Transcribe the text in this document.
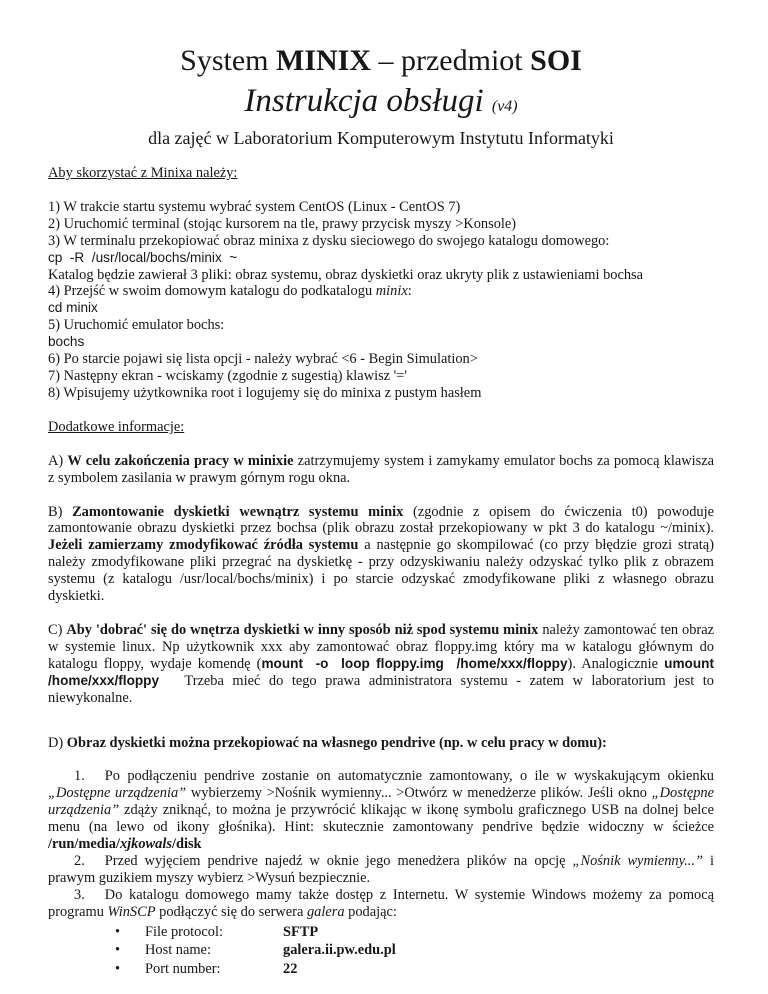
System MINIX – przedmiot SOI
Instrukcja obsługi (v4)
dla zajęć w Laboratorium Komputerowym Instytutu Informatyki
Aby skorzystać z Minixa należy:
1) W trakcie startu systemu wybrać system CentOS (Linux - CentOS 7)
2) Uruchomić terminal (stojąc kursorem na tle, prawy przycisk myszy >Konsole)
3) W terminalu przekopiować obraz minixa z dysku sieciowego do swojego katalogu domowego:
cp  -R  /usr/local/bochs/minix  ~
Katalog będzie zawierał 3 pliki: obraz systemu, obraz dyskietki oraz ukryty plik z ustawieniami bochsa
4) Przejść w swoim domowym katalogu do podkatalogu minix:
cd minix
5) Uruchomić emulator bochs:
bochs
6) Po starcie pojawi się lista opcji - należy wybrać <6 - Begin Simulation>
7) Następny ekran - wciskamy (zgodnie z sugestią) klawisz '='
8) Wpisujemy użytkownika root i logujemy się do minixa z pustym hasłem
Dodatkowe informacje:
A) W celu zakończenia pracy w minixie zatrzymujemy system i zamykamy emulator bochs za pomocą klawisza z symbolem zasilania w prawym górnym rogu okna.
B) Zamontowanie dyskietki wewnątrz systemu minix (zgodnie z opisem do ćwiczenia t0) powoduje zamontowanie obrazu dyskietki przez bochsa (plik obrazu został przekopiowany w pkt 3 do katalogu ~/minix). Jeżeli zamierzamy zmodyfikować źródła systemu a następnie go skompilować (co przy błędzie grozi stratą) należy zmodyfikowane pliki przegrać na dyskietkę - przy odzyskiwaniu należy odzyskać tylko plik z obrazem systemu (z katalogu /usr/local/bochs/minix) i po starcie odzyskać zmodyfikowane pliki z własnego obrazu dyskietki.
C) Aby 'dobrać' się do wnętrza dyskietki w inny sposób niż spod systemu minix należy zamontować ten obraz w systemie linux. Np użytkownik xxx aby zamontować obraz floppy.img który ma w katalogu głównym do katalogu floppy, wydaje komendę (mount  -o  loop floppy.img  /home/xxx/floppy). Analogicznie umount  /home/xxx/floppy   Trzeba mieć do tego prawa administratora systemu - zatem w laboratorium jest to niewykonalne.
D) Obraz dyskietki można przekopiować na własnego pendrive (np. w celu pracy w domu):

1. Po podłączeniu pendrive zostanie on automatycznie zamontowany, o ile w wyskakującym okienku „Dostępne urządzenia” wybierzemy >Nośnik wymienny... >Otwórz w menedżerze plików. Jeśli okno „Dostępne urządzenia” zdąży zniknąć, to można je przywrócić klikając w ikonę symbolu graficznego USB na dolnej belce menu (na lewo od ikony głośnika). Hint: skutecznie zamontowany pendrive będzie widoczny w ścieżce /run/media/xjkowals/disk

2. Przed wyjęciem pendrive najedź w oknie jego menedżera plików na opcję „Nośnik wymienny...” i prawym guzikiem myszy wybierz >Wysuń bezpiecznie.

3. Do katalogu domowego mamy także dostęp z Internetu. W systemie Windows możemy za pomocą programu WinSCP podłączyć się do serwera galera podając:

• File protocol:	SFTP
• Host name:	galera.ii.pw.edu.pl
• Port number:	22
